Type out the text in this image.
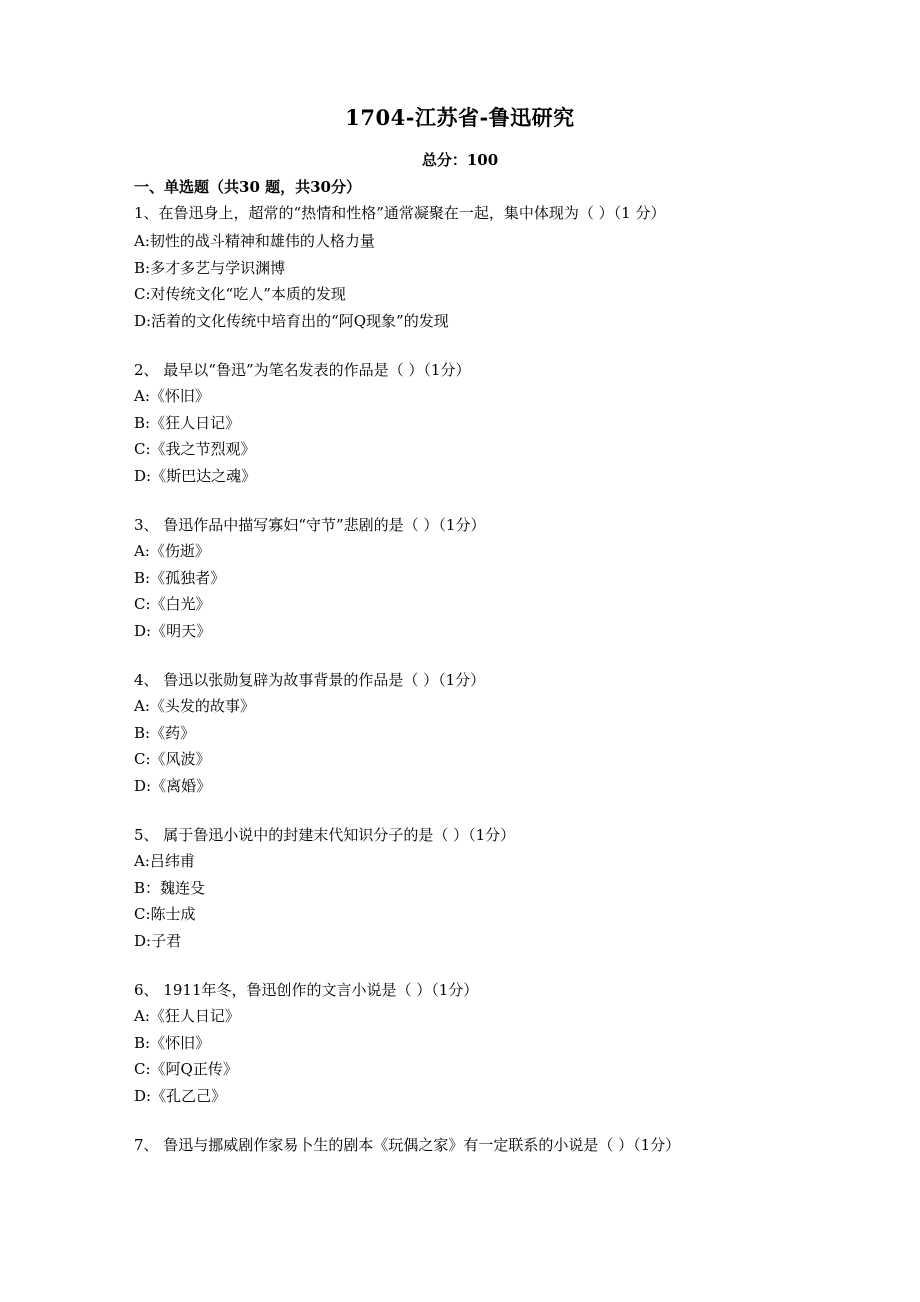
1704-江苏省-鲁迅研究
总分：100
一、单选题（共30 题，共30分）
1、在鲁迅身上，超常的“热情和性格”通常凝聚在一起，集中体现为（ ）（1 分）
A:韧性的战斗精神和雄伟的人格力量
B:多才多艺与学识渊博
C:对传统文化“吃人”本质的发现
D:活着的文化传统中培育出的“阿Q现象”的发现
2、 最早以“鲁迅”为笔名发表的作品是（ ）（1分）
A:《怀旧》
B:《狂人日记》
C:《我之节烈观》
D:《斯巴达之魂》
3、 鲁迅作品中描写寡妇“守节”悲剧的是（ ）（1分）
A:《伤逝》
B:《孤独者》
C:《白光》
D:《明天》
4、 鲁迅以张勋复辟为故事背景的作品是（ ）（1分）
A:《头发的故事》
B:《药》
C:《风波》
D:《离婚》
5、 属于鲁迅小说中的封建末代知识分子的是（ ）（1分）
A:吕纬甫
B：魏连殳
C:陈士成
D:子君
6、 1911年冬，鲁迅创作的文言小说是（ ）（1分）
A:《狂人日记》
B:《怀旧》
C:《阿Q正传》
D:《孔乙己》
7、 鲁迅与挪威剧作家易卜生的剧本《玩偶之家》有一定联系的小说是（ ）（1分）
